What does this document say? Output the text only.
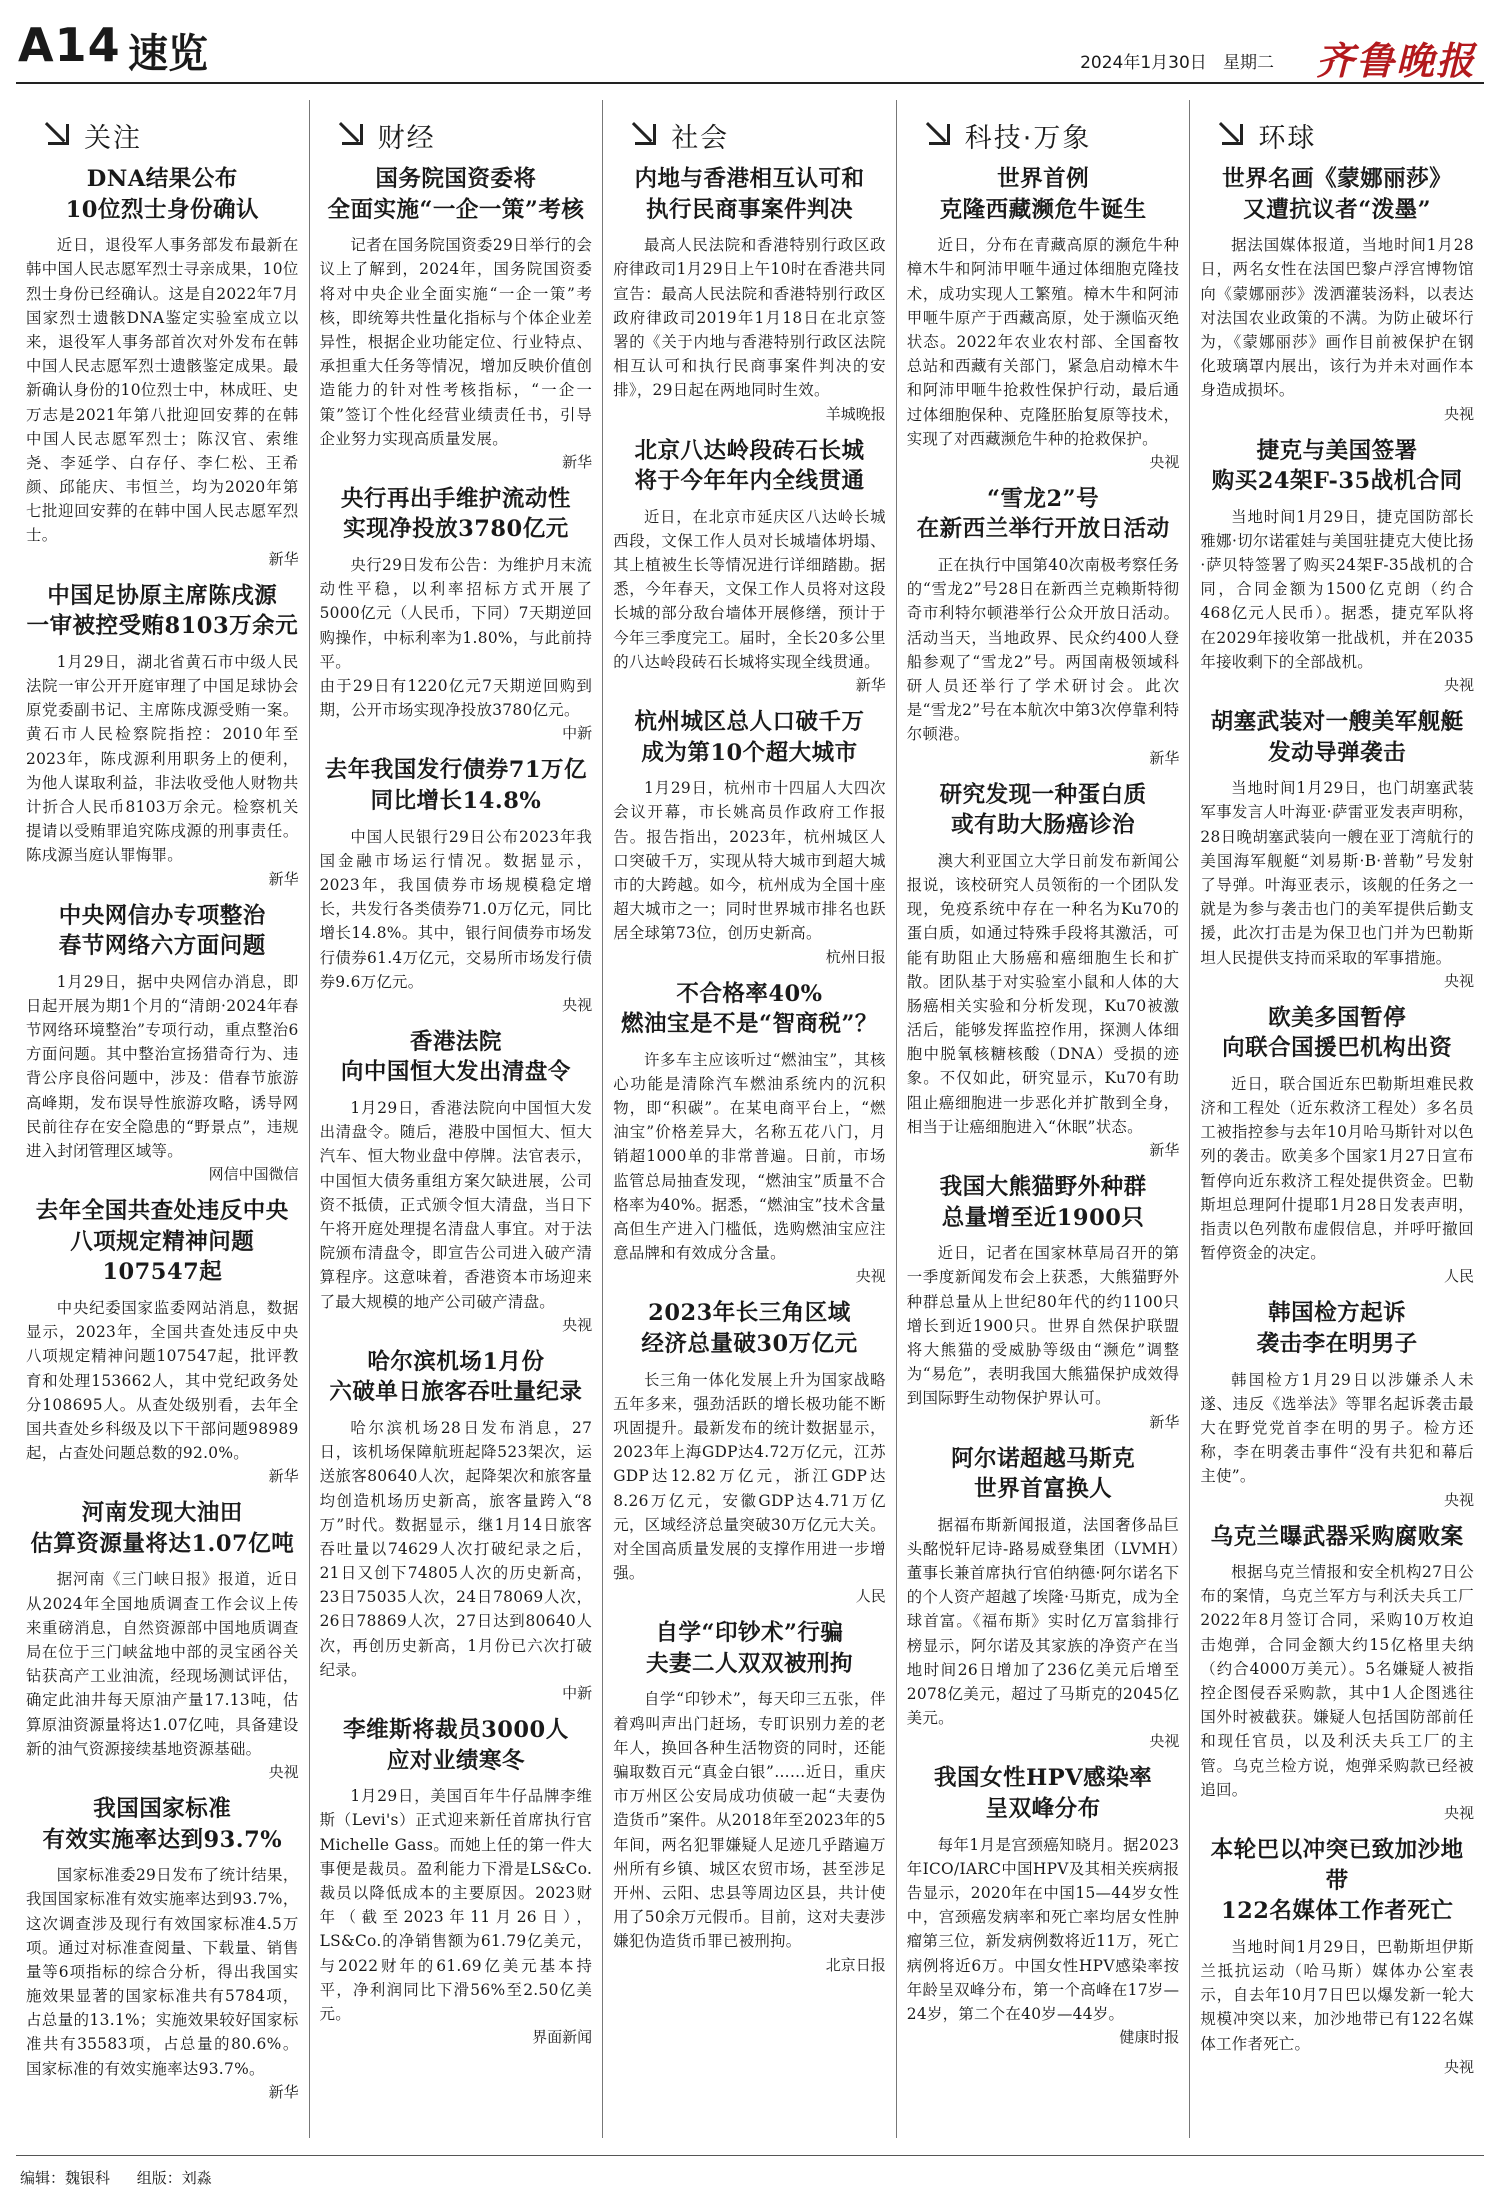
A14 速览	2024年1月30日 星期二 齐鲁晚报
关注
DNA结果公布
10位烈士身份确认

近日，退役军人事务部发布最新在韩中国人民志愿军烈士寻亲成果，10位烈士身份已经确认。这是自2022年7月国家烈士遗骸DNA鉴定实验室成立以来，退役军人事务部首次对外发布在韩中国人民志愿军烈士遗骸鉴定成果。最新确认身份的10位烈士中，林成旺、史万志是2021年第八批迎回安葬的在韩中国人民志愿军烈士；陈汉官、索维尧、李延学、白存仔、李仁松、王希颜、邱能庆、韦恒兰，均为2020年第七批迎回安葬的在韩中国人民志愿军烈士。

新华
中国足协原主席陈戌源
一审被控受贿8103万余元

1月29日，湖北省黄石市中级人民法院一审公开开庭审理了中国足球协会原党委副书记、主席陈戌源受贿一案。黄石市人民检察院指控：2010年至2023年，陈戌源利用职务上的便利，为他人谋取利益，非法收受他人财物共计折合人民币8103万余元。检察机关提请以受贿罪追究陈戌源的刑事责任。陈戌源当庭认罪悔罪。

新华
中央网信办专项整治
春节网络六方面问题

1月29日，据中央网信办消息，即日起开展为期1个月的“清朗·2024年春节网络环境整治”专项行动，重点整治6方面问题。其中整治宣扬猎奇行为、违背公序良俗问题中，涉及：借春节旅游高峰期，发布误导性旅游攻略，诱导网民前往存在安全隐患的“野景点”，违规进入封闭管理区域等。

网信中国微信
去年全国共查处违反中央
八项规定精神问题107547起

中央纪委国家监委网站消息，数据显示，2023年，全国共查处违反中央八项规定精神问题107547起，批评教育和处理153662人，其中党纪政务处分108695人。从查处级别看，去年全国共查处乡科级及以下干部问题98989起，占查处问题总数的92.0%。

新华
河南发现大油田
估算资源量将达1.07亿吨

据河南《三门峡日报》报道，近日从2024年全国地质调查工作会议上传来重磅消息，自然资源部中国地质调查局在位于三门峡盆地中部的灵宝函谷关钻获高产工业油流，经现场测试评估，确定此油井每天原油产量17.13吨，估算原油资源量将达1.07亿吨，具备建设新的油气资源接续基地资源基础。

央视
我国国家标准
有效实施率达到93.7%

国家标准委29日发布了统计结果，我国国家标准有效实施率达到93.7%，这次调查涉及现行有效国家标准4.5万项。通过对标准查阅量、下载量、销售量等6项指标的综合分析，得出我国实施效果显著的国家标准共有5784项，占总量的13.1%；实施效果较好国家标准共有35583项，占总量的80.6%。国家标准的有效实施率达93.7%。

新华
财经
国务院国资委将
全面实施“一企一策”考核

记者在国务院国资委29日举行的会议上了解到，2024年，国务院国资委将对中央企业全面实施“一企一策”考核，即统筹共性量化指标与个体企业差异性，根据企业功能定位、行业特点、承担重大任务等情况，增加反映价值创造能力的针对性考核指标，“一企一策”签订个性化经营业绩责任书，引导企业努力实现高质量发展。

新华
央行再出手维护流动性
实现净投放3780亿元

央行29日发布公告：为维护月末流动性平稳，以利率招标方式开展了5000亿元（人民币，下同）7天期逆回购操作，中标利率为1.80%，与此前持平。
由于29日有1220亿元7天期逆回购到期，公开市场实现净投放3780亿元。

中新
去年我国发行债券71万亿
同比增长14.8%

中国人民银行29日公布2023年我国金融市场运行情况。数据显示，2023年，我国债券市场规模稳定增长，共发行各类债券71.0万亿元，同比增长14.8%。其中，银行间债券市场发行债券61.4万亿元，交易所市场发行债券9.6万亿元。

央视
香港法院
向中国恒大发出清盘令

1月29日，香港法院向中国恒大发出清盘令。随后，港股中国恒大、恒大汽车、恒大物业盘中停牌。法官表示，中国恒大债务重组方案欠缺进展，公司资不抵债，正式颁令恒大清盘，当日下午将开庭处理提名清盘人事宜。对于法院颁布清盘令，即宣告公司进入破产清算程序。这意味着，香港资本市场迎来了最大规模的地产公司破产清盘。

央视
哈尔滨机场1月份
六破单日旅客吞吐量纪录

哈尔滨机场28日发布消息，27日，该机场保障航班起降523架次，运送旅客80640人次，起降架次和旅客量均创造机场历史新高，旅客量跨入“8万”时代。数据显示，继1月14日旅客吞吐量以74629人次打破纪录之后，21日又创下74805人次的历史新高，23日75035人次，24日78069人次，26日78869人次，27日达到80640人次，再创历史新高，1月份已六次打破纪录。

中新
李维斯将裁员3000人
应对业绩寒冬

1月29日，美国百年牛仔品牌李维斯（Levi's）正式迎来新任首席执行官Michelle Gass。而她上任的第一件大事便是裁员。盈利能力下滑是LS&Co.裁员以降低成本的主要原因。2023财年（截至2023年11月26日），LS&Co.的净销售额为61.79亿美元，与2022财年的61.69亿美元基本持平，净利润同比下滑56%至2.50亿美元。

界面新闻
社会
内地与香港相互认可和
执行民商事案件判决

最高人民法院和香港特别行政区政府律政司1月29日上午10时在香港共同宣告：最高人民法院和香港特别行政区政府律政司2019年1月18日在北京签署的《关于内地与香港特别行政区法院相互认可和执行民商事案件判决的安排》，29日起在两地同时生效。

羊城晚报
北京八达岭段砖石长城
将于今年年内全线贯通

近日，在北京市延庆区八达岭长城西段，文保工作人员对长城墙体坍塌、其上植被生长等情况进行详细踏勘。据悉，今年春天，文保工作人员将对这段长城的部分敌台墙体开展修缮，预计于今年三季度完工。届时，全长20多公里的八达岭段砖石长城将实现全线贯通。

新华
杭州城区总人口破千万
成为第10个超大城市

1月29日，杭州市十四届人大四次会议开幕，市长姚高员作政府工作报告。报告指出，2023年，杭州城区人口突破千万，实现从特大城市到超大城市的大跨越。如今，杭州成为全国十座超大城市之一；同时世界城市排名也跃居全球第73位，创历史新高。

杭州日报
不合格率40%
燃油宝是不是“智商税”？

许多车主应该听过“燃油宝”，其核心功能是清除汽车燃油系统内的沉积物，即“积碳”。在某电商平台上，“燃油宝”价格差异大，名称五花八门，月销超1000单的非常普遍。日前，市场监管总局抽查发现，“燃油宝”质量不合格率为40%。据悉，“燃油宝”技术含量高但生产进入门槛低，选购燃油宝应注意品牌和有效成分含量。

央视
2023年长三角区域
经济总量破30万亿元

长三角一体化发展上升为国家战略五年多来，强劲活跃的增长极功能不断巩固提升。最新发布的统计数据显示，2023年上海GDP达4.72万亿元，江苏GDP达12.82万亿元，浙江GDP达8.26万亿元，安徽GDP达4.71万亿元，区域经济总量突破30万亿元大关。对全国高质量发展的支撑作用进一步增强。

人民
自学“印钞术”行骗
夫妻二人双双被刑拘

自学“印钞术”，每天印三五张，伴着鸡叫声出门赶场，专盯识别力差的老年人，换回各种生活物资的同时，还能骗取数百元“真金白银”……近日，重庆市万州区公安局成功侦破一起“夫妻伪造货币”案件。从2018年至2023年的5年间，两名犯罪嫌疑人足迹几乎踏遍万州所有乡镇、城区农贸市场，甚至涉足开州、云阳、忠县等周边区县，共计使用了50余万元假币。目前，这对夫妻涉嫌犯伪造货币罪已被刑拘。

北京日报
科技·万象
世界首例
克隆西藏濒危牛诞生

近日，分布在青藏高原的濒危牛种樟木牛和阿沛甲咂牛通过体细胞克隆技术，成功实现人工繁殖。樟木牛和阿沛甲咂牛原产于西藏高原，处于濒临灭绝状态。2022年农业农村部、全国畜牧总站和西藏有关部门，紧急启动樟木牛和阿沛甲咂牛抢救性保护行动，最后通过体细胞保种、克隆胚胎复原等技术，实现了对西藏濒危牛种的抢救保护。

央视
“雪龙2”号
在新西兰举行开放日活动

正在执行中国第40次南极考察任务的“雪龙2”号28日在新西兰克赖斯特彻奇市利特尔顿港举行公众开放日活动。活动当天，当地政界、民众约400人登船参观了“雪龙2”号。两国南极领域科研人员还举行了学术研讨会。此次是“雪龙2”号在本航次中第3次停靠利特尔顿港。

新华
研究发现一种蛋白质
或有助大肠癌诊治

澳大利亚国立大学日前发布新闻公报说，该校研究人员领衔的一个团队发现，免疫系统中存在一种名为Ku70的蛋白质，如通过特殊手段将其激活，可能有助阻止大肠癌和癌细胞生长和扩散。团队基于对实验室小鼠和人体的大肠癌相关实验和分析发现，Ku70被激活后，能够发挥监控作用，探测人体细胞中脱氧核糖核酸（DNA）受损的迹象。不仅如此，研究显示，Ku70有助阻止癌细胞进一步恶化并扩散到全身，相当于让癌细胞进入“休眠”状态。

新华
我国大熊猫野外种群
总量增至近1900只

近日，记者在国家林草局召开的第一季度新闻发布会上获悉，大熊猫野外种群总量从上世纪80年代的约1100只增长到近1900只。世界自然保护联盟将大熊猫的受威胁等级由“濒危”调整为“易危”，表明我国大熊猫保护成效得到国际野生动物保护界认可。

新华
阿尔诺超越马斯克
世界首富换人

据福布斯新闻报道，法国奢侈品巨头酩悦轩尼诗-路易威登集团（LVMH）董事长兼首席执行官伯纳德·阿尔诺名下的个人资产超越了埃隆·马斯克，成为全球首富。《福布斯》实时亿万富翁排行榜显示，阿尔诺及其家族的净资产在当地时间26日增加了236亿美元后增至2078亿美元，超过了马斯克的2045亿美元。

央视
我国女性HPV感染率
呈双峰分布

每年1月是宫颈癌知晓月。据2023年ICO/IARC中国HPV及其相关疾病报告显示，2020年在中国15—44岁女性中，宫颈癌发病率和死亡率均居女性肿瘤第三位，新发病例数将近11万，死亡病例将近6万。中国女性HPV感染率按年龄呈双峰分布，第一个高峰在17岁—24岁，第二个在40岁—44岁。

健康时报
环球
世界名画《蒙娜丽莎》
又遭抗议者“泼墨”

据法国媒体报道，当地时间1月28日，两名女性在法国巴黎卢浮宫博物馆向《蒙娜丽莎》泼洒灌装汤料，以表达对法国农业政策的不满。为防止破坏行为，《蒙娜丽莎》画作目前被保护在钢化玻璃罩内展出，该行为并未对画作本身造成损坏。

央视
捷克与美国签署
购买24架F-35战机合同

当地时间1月29日，捷克国防部长雅娜·切尔诺霍娃与美国驻捷克大使比扬·萨贝特签署了购买24架F-35战机的合同，合同金额为1500亿克朗（约合468亿元人民币）。据悉，捷克军队将在2029年接收第一批战机，并在2035年接收剩下的全部战机。

央视
胡塞武装对一艘美军舰艇
发动导弹袭击

当地时间1月29日，也门胡塞武装军事发言人叶海亚·萨雷亚发表声明称，28日晚胡塞武装向一艘在亚丁湾航行的美国海军舰艇“刘易斯·B·普勒”号发射了导弹。叶海亚表示，该舰的任务之一就是为参与袭击也门的美军提供后勤支援，此次打击是为保卫也门并为巴勒斯坦人民提供支持而采取的军事措施。

央视
欧美多国暂停
向联合国援巴机构出资

近日，联合国近东巴勒斯坦难民救济和工程处（近东救济工程处）多名员工被指控参与去年10月哈马斯针对以色列的袭击。欧美多个国家1月27日宣布暂停向近东救济工程处提供资金。巴勒斯坦总理阿什提耶1月28日发表声明，指责以色列散布虚假信息，并呼吁撤回暂停资金的决定。

人民
韩国检方起诉
袭击李在明男子

韩国检方1月29日以涉嫌杀人未遂、违反《选举法》等罪名起诉袭击最大在野党党首李在明的男子。检方还称，李在明袭击事件“没有共犯和幕后主使”。

央视
乌克兰曝武器采购腐败案

根据乌克兰情报和安全机构27日公布的案情，乌克兰军方与利沃夫兵工厂2022年8月签订合同，采购10万枚迫击炮弹，合同金额大约15亿格里夫纳（约合4000万美元）。5名嫌疑人被指控企图侵吞采购款，其中1人企图逃往国外时被截获。嫌疑人包括国防部前任和现任官员，以及利沃夫兵工厂的主管。乌克兰检方说，炮弹采购款已经被追回。

央视
本轮巴以冲突已致加沙地带
122名媒体工作者死亡

当地时间1月29日，巴勒斯坦伊斯兰抵抗运动（哈马斯）媒体办公室表示，自去年10月7日巴以爆发新一轮大规模冲突以来，加沙地带已有122名媒体工作者死亡。

央视
编辑：魏银科 组版：刘淼
